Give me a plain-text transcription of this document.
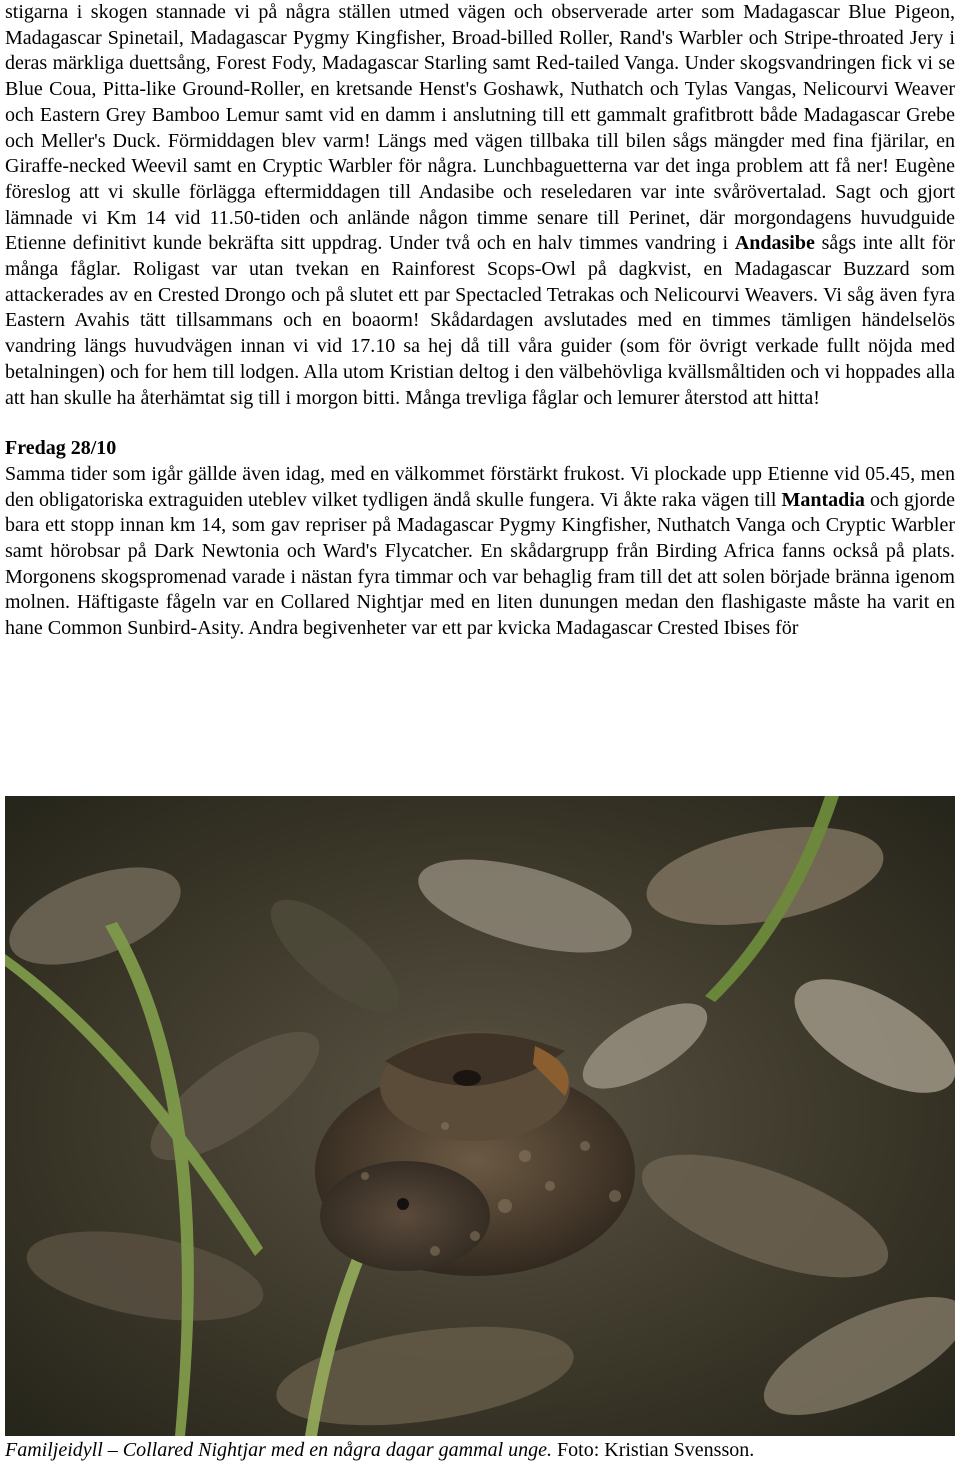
stigarna i skogen stannade vi på några ställen utmed vägen och observerade arter som Madagascar Blue Pigeon, Madagascar Spinetail, Madagascar Pygmy Kingfisher, Broad-billed Roller, Rand's Warbler och Stripe-throated Jery i deras märkliga duettsång, Forest Fody, Madagascar Starling samt Red-tailed Vanga. Under skogsvandringen fick vi se Blue Coua, Pitta-like Ground-Roller, en kretsande Henst's Goshawk, Nuthatch och Tylas Vangas, Nelicourvi Weaver och Eastern Grey Bamboo Lemur samt vid en damm i anslutning till ett gammalt grafitbrott både Madagascar Grebe och Meller's Duck. Förmiddagen blev varm! Längs med vägen tillbaka till bilen sågs mängder med fina fjärilar, en Giraffe-necked Weevil samt en Cryptic Warbler för några. Lunchbaguetterna var det inga problem att få ner! Eugène föreslog att vi skulle förlägga eftermiddagen till Andasibe och reseledaren var inte svårövertalad. Sagt och gjort lämnade vi Km 14 vid 11.50-tiden och anlände någon timme senare till Perinet, där morgondagens huvudguide Etienne definitivt kunde bekräfta sitt uppdrag. Under två och en halv timmes vandring i Andasibe sågs inte allt för många fåglar. Roligast var utan tvekan en Rainforest Scops-Owl på dagkvist, en Madagascar Buzzard som attackerades av en Crested Drongo och på slutet ett par Spectacled Tetrakas och Nelicourvi Weavers. Vi såg även fyra Eastern Avahis tätt tillsammans och en boaorm! Skådardagen avslutades med en timmes tämligen händelselös vandring längs huvudvägen innan vi vid 17.10 sa hej då till våra guider (som för övrigt verkade fullt nöjda med betalningen) och for hem till lodgen. Alla utom Kristian deltog i den välbehövliga kvällsmåltiden och vi hoppades alla att han skulle ha återhämtat sig till i morgon bitti. Många trevliga fåglar och lemurer återstod att hitta!

Fredag 28/10

Samma tider som igår gällde även idag, med en välkommet förstärkt frukost. Vi plockade upp Etienne vid 05.45, men den obligatoriska extraguiden uteblev vilket tydligen ändå skulle fungera. Vi åkte raka vägen till Mantadia och gjorde bara ett stopp innan km 14, som gav repriser på Madagascar Pygmy Kingfisher, Nuthatch Vanga och Cryptic Warbler samt hörobsar på Dark Newtonia och Ward's Flycatcher. En skådargrupp från Birding Africa fanns också på plats. Morgonens skogspromenad varade i nästan fyra timmar och var behaglig fram till det att solen började bränna igenom molnen. Häftigaste fågeln var en Collared Nightjar med en liten dunungen medan den flashigaste måste ha varit en hane Common Sunbird-Asity. Andra begivenheter var ett par kvicka Madagascar Crested Ibises för

Familjeidyll – Collared Nightjar med en några dagar gammal unge. Foto: Kristian Svensson.
